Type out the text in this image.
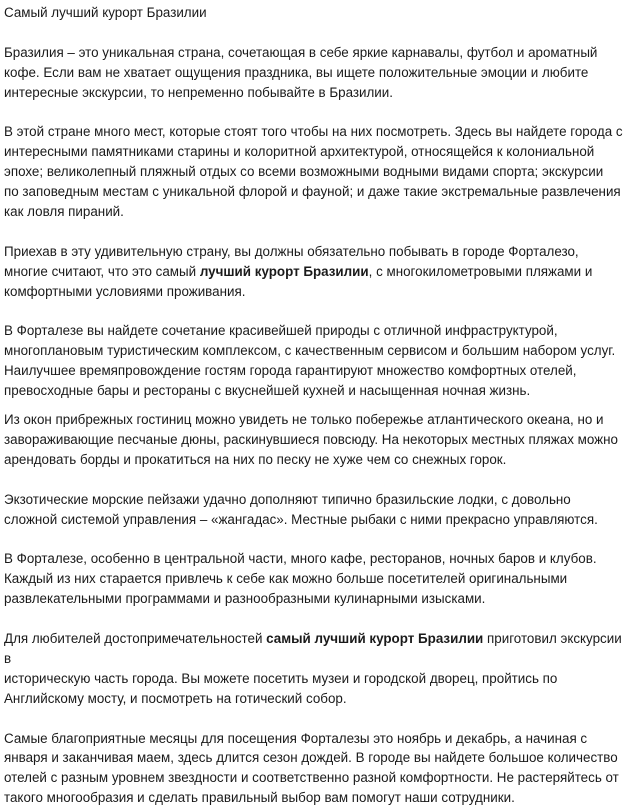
Самый лучший курорт Бразилии

Бразилия – это уникальная страна, сочетающая в себе яркие карнавалы, футбол и ароматный
кофе. Если вам не хватает ощущения праздника, вы ищете положительные эмоции и любите
интересные экскурсии, то непременно побывайте в Бразилии.

В этой стране много мест, которые стоят того чтобы на них посмотреть. Здесь вы найдете города с
интересными памятниками старины и колоритной архитектурой, относящейся к колониальной
эпохе; великолепный пляжный отдых со всеми возможными водными видами спорта; экскурсии
по заповедным местам с уникальной флорой и фауной; и даже такие экстремальные развлечения
как ловля пираний.

Приехав в эту удивительную страну, вы должны обязательно побывать в городе Форталезо,
многие считают, что это самый лучший курорт Бразилии, с многокилометровыми пляжами и
комфортными условиями проживания.

В Форталезе вы найдете сочетание красивейшей природы с отличной инфраструктурой,
многоплановым туристическим комплексом, с качественным сервисом и большим набором услуг.
Наилучшее времяпровождение гостям города гарантируют множество комфортных отелей,
превосходные бары и рестораны с вкуснейшей кухней и насыщенная ночная жизнь.

Из окон прибрежных гостиниц можно увидеть не только побережье атлантического океана, но и
завораживающие песчаные дюны, раскинувшиеся повсюду. На некоторых местных пляжах можно
арендовать борды и прокатиться на них по песку не хуже чем со снежных горок.

Экзотические морские пейзажи удачно дополняют типично бразильские лодки, с довольно
сложной системой управления – «жангадас». Местные рыбаки с ними прекрасно управляются.

В Форталезе, особенно в центральной части, много кафе, ресторанов, ночных баров и клубов.
Каждый из них старается привлечь к себе как можно больше посетителей оригинальными
развлекательными программами и разнообразными кулинарными изысками.

Для любителей достопримечательностей самый лучший курорт Бразилии приготовил экскурсии в
историческую часть города. Вы можете посетить музеи и городской дворец, пройтись по
Английскому мосту, и посмотреть на готический собор.

Самые благоприятные месяцы для посещения Форталезы это ноябрь и декабрь, а начиная с
января и заканчивая маем, здесь длится сезон дождей. В городе вы найдете большое количество
отелей с разным уровнем звездности и соответственно разной комфортности. Не растеряйтесь от
такого многообразия и сделать правильный выбор вам помогут наши сотрудники.
